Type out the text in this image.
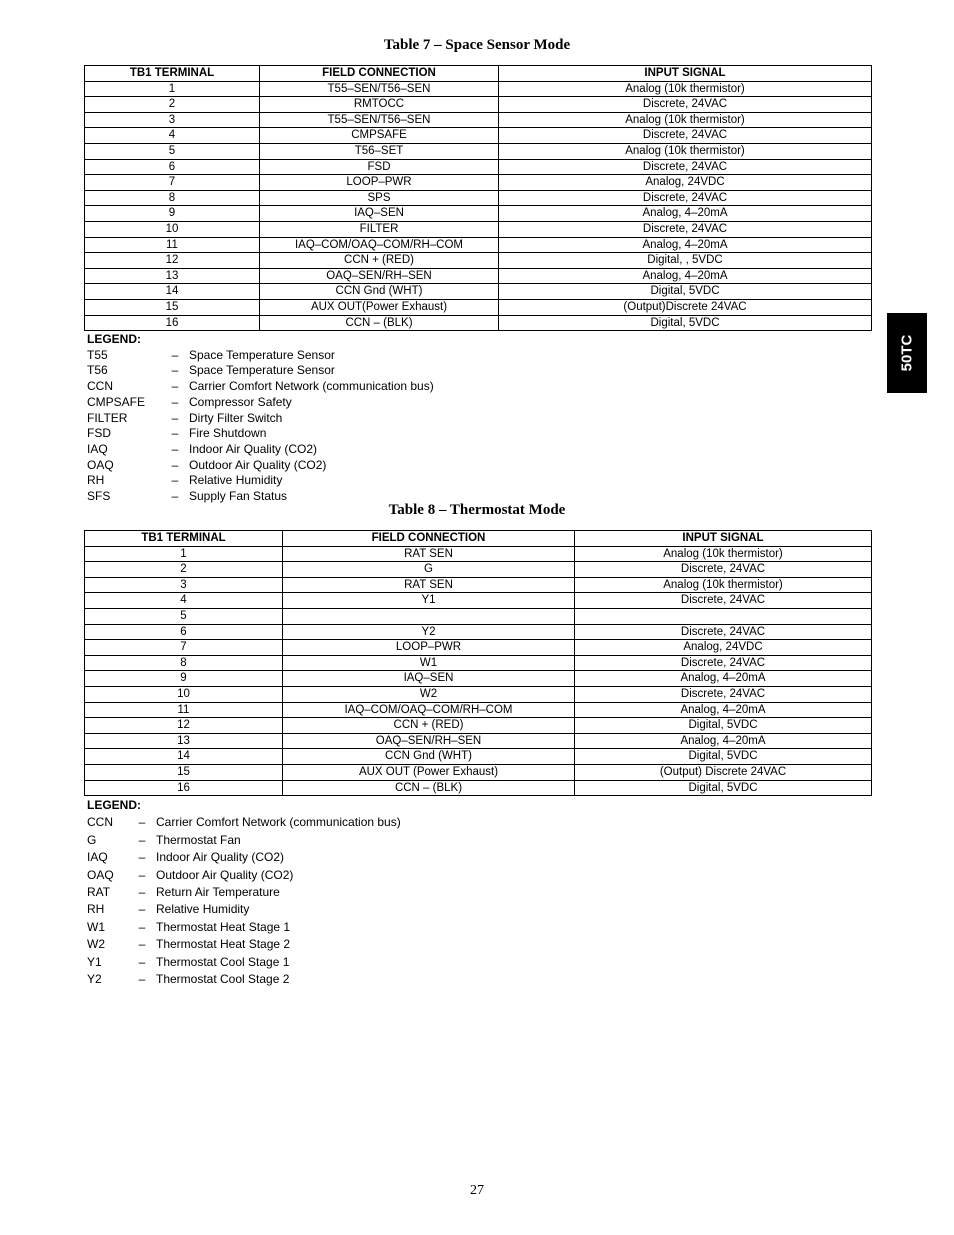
Table 7 – Space Sensor Mode
TB1 TERMINAL	FIELD CONNECTION	INPUT SIGNAL
1	T55–SEN/T56–SEN	Analog (10k thermistor)
2	RMTOCC	Discrete, 24VAC
3	T55–SEN/T56–SEN	Analog (10k thermistor)
4	CMPSAFE	Discrete, 24VAC
5	T56–SET	Analog (10k thermistor)
6	FSD	Discrete, 24VAC
7	LOOP–PWR	Analog, 24VDC
8	SPS	Discrete, 24VAC
9	IAQ–SEN	Analog, 4–20mA
10	FILTER	Discrete, 24VAC
11	IAQ–COM/OAQ–COM/RH–COM	Analog, 4–20mA
12	CCN + (RED)	Digital, , 5VDC
13	OAQ–SEN/RH–SEN	Analog, 4–20mA
14	CCN Gnd (WHT)	Digital, 5VDC
15	AUX OUT(Power Exhaust)	(Output)Discrete 24VAC
16	CCN – (BLK)	Digital, 5VDC
LEGEND:
T55	– Space Temperature Sensor
T56	– Space Temperature Sensor
CCN	– Carrier Comfort Network (communication bus)
CMPSAFE	– Compressor Safety
FILTER	– Dirty Filter Switch
FSD	– Fire Shutdown
IAQ	– Indoor Air Quality (CO2)
OAQ	– Outdoor Air Quality (CO2)
RH	– Relative Humidity
SFS	– Supply Fan Status
Table 8 – Thermostat Mode
TB1 TERMINAL	FIELD CONNECTION	INPUT SIGNAL
1	RAT SEN	Analog (10k thermistor)
2	G	Discrete, 24VAC
3	RAT SEN	Analog (10k thermistor)
4	Y1	Discrete, 24VAC
5		
6	Y2	Discrete, 24VAC
7	LOOP–PWR	Analog, 24VDC
8	W1	Discrete, 24VAC
9	IAQ–SEN	Analog, 4–20mA
10	W2	Discrete, 24VAC
11	IAQ–COM/OAQ–COM/RH–COM	Analog, 4–20mA
12	CCN + (RED)	Digital, 5VDC
13	OAQ–SEN/RH–SEN	Analog, 4–20mA
14	CCN Gnd (WHT)	Digital, 5VDC
15	AUX OUT (Power Exhaust)	(Output) Discrete 24VAC
16	CCN – (BLK)	Digital, 5VDC
LEGEND:
CCN	– Carrier Comfort Network (communication bus)
G	– Thermostat Fan
IAQ	– Indoor Air Quality (CO2)
OAQ	– Outdoor Air Quality (CO2)
RAT	– Return Air Temperature
RH	– Relative Humidity
W1	– Thermostat Heat Stage 1
W2	– Thermostat Heat Stage 2
Y1	– Thermostat Cool Stage 1
Y2	– Thermostat Cool Stage 2
50TC
27
